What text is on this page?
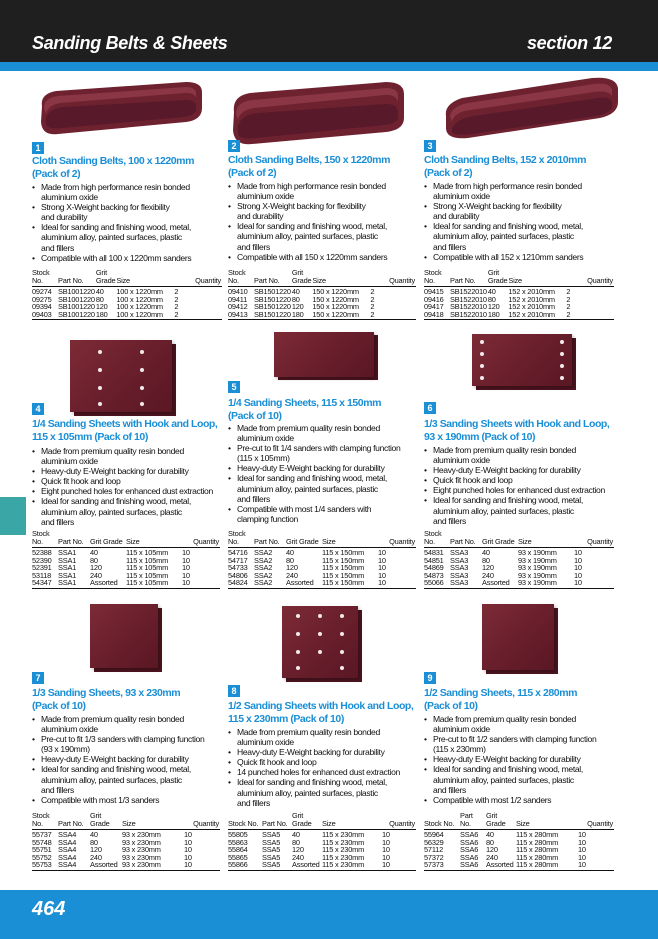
Sanding Belts & Sheets	section 12
1
Cloth Sanding Belts, 100 x 1220mm
(Pack of 2)
• Made from high performance resin bonded
aluminium oxide
• Strong X-Weight backing for flexibility
and durability
• Ideal for sanding and finishing wood, metal,
aluminium alloy, painted surfaces, plastic
and fillers
• Compatible with all 100 x 1220mm sanders
Stock No.	Part No.	Grit Grade	Size	Quantity
09274	SB1001220	40	100 x 1220mm	2
09275	SB1001220	80	100 x 1220mm	2
09394	SB1001220	120	100 x 1220mm	2
09403	SB1001220	180	100 x 1220mm	2
2
Cloth Sanding Belts, 150 x 1220mm
(Pack of 2)
• Made from high performance resin bonded
aluminium oxide
• Strong X-Weight backing for flexibility
and durability
• Ideal for sanding and finishing wood, metal,
aluminium alloy, painted surfaces, plastic
and fillers
• Compatible with all 150 x 1220mm sanders
Stock No.	Part No.	Grit Grade	Size	Quantity
09410	SB1501220	40	150 x 1220mm	2
09411	SB1501220	80	150 x 1220mm	2
09412	SB1501220	120	150 x 1220mm	2
09413	SB1501220	180	150 x 1220mm	2
3
Cloth Sanding Belts, 152 x 2010mm
(Pack of 2)
• Made from high performance resin bonded
aluminium oxide
• Strong X-Weight backing for flexibility
and durability
• Ideal for sanding and finishing wood, metal,
aluminium alloy, painted surfaces, plastic
and fillers
• Compatible with all 152 x 1210mm sanders
Stock No.	Part No.	Grit Grade	Size	Quantity
09415	SB1522010	40	152 x 2010mm	2
09416	SB1522010	80	152 x 2010mm	2
09417	SB1522010	120	152 x 2010mm	2
09418	SB1522010	180	152 x 2010mm	2
4
1/4 Sanding Sheets with Hook and Loop,
115 x 105mm (Pack of 10)
• Made from premium quality resin bonded
aluminium oxide
• Heavy-duty E-Weight backing for durability
• Quick fit hook and loop
• Eight punched holes for enhanced dust extraction
• Ideal for sanding and finishing wood, metal,
aluminium alloy, painted surfaces, plastic
and fillers
Stock No.	Part No.	Grit Grade	Size	Quantity
52388	SSA1	40	115 x 105mm	10
52390	SSA1	80	115 x 105mm	10
52391	SSA1	120	115 x 105mm	10
53118	SSA1	240	115 x 105mm	10
54347	SSA1	Assorted	115 x 105mm	10
5
1/4 Sanding Sheets, 115 x 150mm
(Pack of 10)
• Made from premium quality resin bonded
aluminium oxide
• Pre-cut to fit 1/4 sanders with clamping function
(115 x 105mm)
• Heavy-duty E-Weight backing for durability
• Ideal for sanding and finishing wood, metal,
aluminium alloy, painted surfaces, plastic
and fillers
• Compatible with most 1/4 sanders with
clamping function
Stock No.	Part No.	Grit Grade	Size	Quantity
54716	SSA2	40	115 x 150mm	10
54717	SSA2	80	115 x 150mm	10
54733	SSA2	120	115 x 150mm	10
54806	SSA2	240	115 x 150mm	10
54824	SSA2	Assorted	115 x 150mm	10
6
1/3 Sanding Sheets with Hook and Loop,
93 x 190mm (Pack of 10)
• Made from premium quality resin bonded
aluminium oxide
• Heavy-duty E-Weight backing for durability
• Quick fit hook and loop
• Eight punched holes for enhanced dust extraction
• Ideal for sanding and finishing wood, metal,
aluminium alloy, painted surfaces, plastic
and fillers
Stock No.	Part No.	Grit Grade	Size	Quantity
54831	SSA3	40	93 x 190mm	10
54851	SSA3	80	93 x 190mm	10
54869	SSA3	120	93 x 190mm	10
54873	SSA3	240	93 x 190mm	10
55066	SSA3	Assorted	93 x 190mm	10
7
1/3 Sanding Sheets, 93 x 230mm
(Pack of 10)
• Made from premium quality resin bonded
aluminium oxide
• Pre-cut to fit 1/3 sanders with clamping function
(93 x 190mm)
• Heavy-duty E-Weight backing for durability
• Ideal for sanding and finishing wood, metal,
aluminium alloy, painted surfaces, plastic
and fillers
• Compatible with most 1/3 sanders
Stock No.	Part No.	Grit Grade	Size	Quantity
55737	SSA4	40	93 x 230mm	10
55748	SSA4	80	93 x 230mm	10
55751	SSA4	120	93 x 230mm	10
55752	SSA4	240	93 x 230mm	10
55753	SSA4	Assorted	93 x 230mm	10
8
1/2 Sanding Sheets with Hook and Loop,
115 x 230mm (Pack of 10)
• Made from premium quality resin bonded
aluminium oxide
• Heavy-duty E-Weight backing for durability
• Quick fit hook and loop
• 14 punched holes for enhanced dust extraction
• Ideal for sanding and finishing wood, metal,
aluminium alloy, painted surfaces, plastic
and fillers
Stock No.	Part No.	Grit Grade	Size	Quantity
55805	SSA5	40	115 x 230mm	10
55863	SSA5	80	115 x 230mm	10
55864	SSA5	120	115 x 230mm	10
55865	SSA5	240	115 x 230mm	10
55866	SSA5	Assorted	115 x 230mm	10
9
1/2 Sanding Sheets, 115 x 280mm
(Pack of 10)
• Made from premium quality resin bonded
aluminium oxide
• Pre-cut to fit 1/2 sanders with clamping function
(115 x 230mm)
• Heavy-duty E-Weight backing for durability
• Ideal for sanding and finishing wood, metal,
aluminium alloy, painted surfaces, plastic
and fillers
• Compatible with most 1/2 sanders
Stock No.	Part No.	Grit Grade	Size	Quantity
55964	SSA6	40	115 x 280mm	10
56329	SSA6	80	115 x 280mm	10
57112	SSA6	120	115 x 280mm	10
57372	SSA6	240	115 x 280mm	10
57373	SSA6	Assorted	115 x 280mm	10
464
